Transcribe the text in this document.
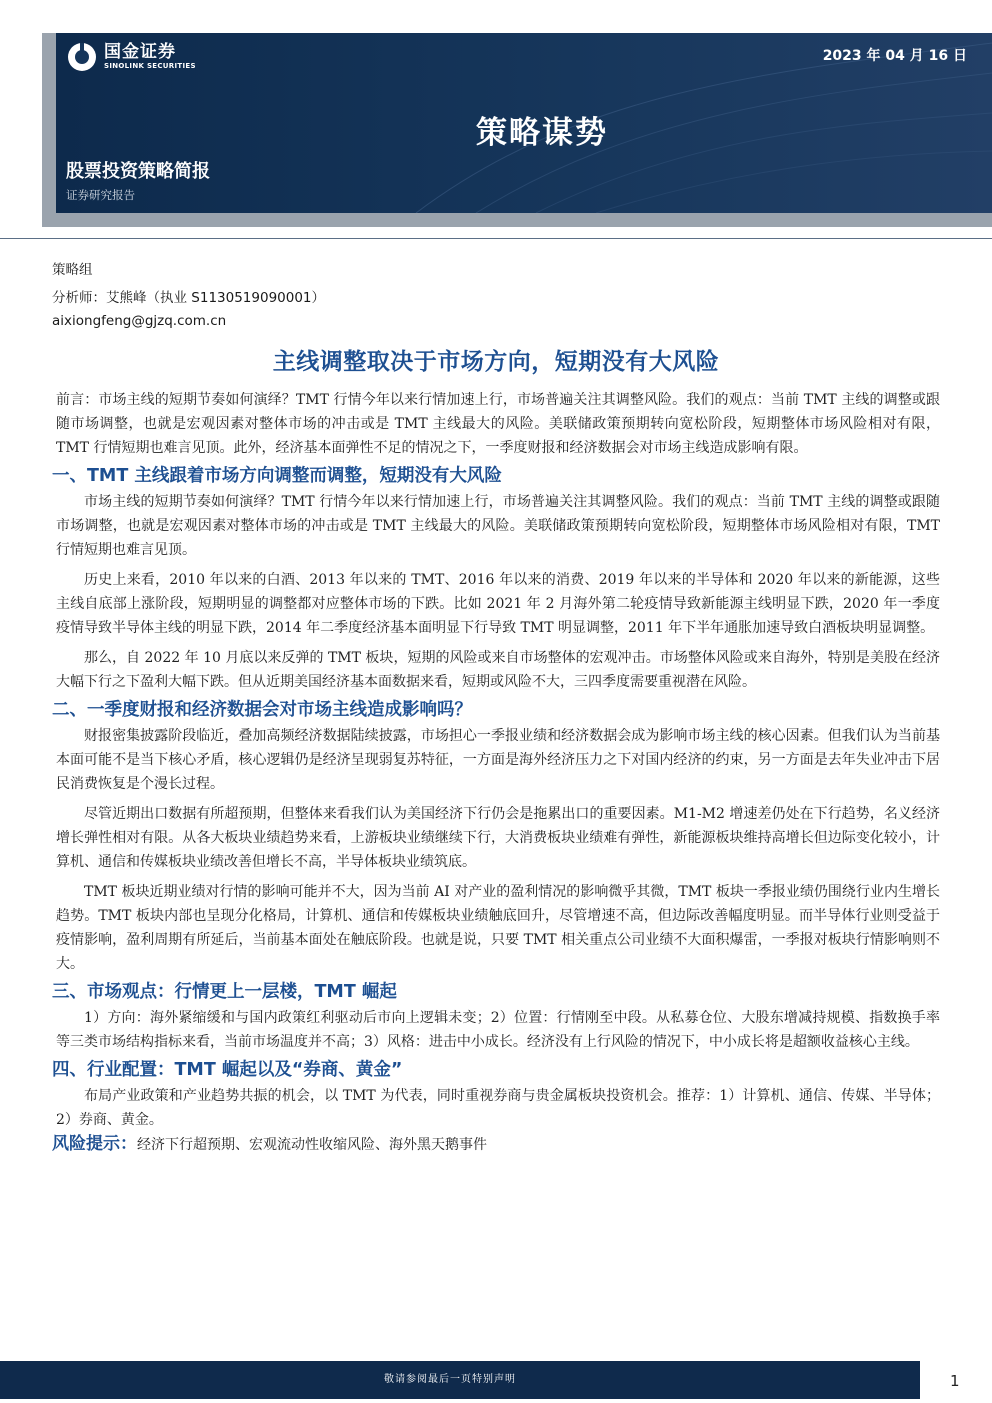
国金证券
SINOLINK SECURITIES
2023 年 04 月 16 日
策略谋势
股票投资策略简报
证券研究报告
策略组
分析师：艾熊峰（执业 S1130519090001）
aixiongfeng@gjzq.com.cn
主线调整取决于市场方向，短期没有大风险

前言：市场主线的短期节奏如何演绎？TMT 行情今年以来行情加速上行，市场普遍关注其调整风险。我们的观点：当前 TMT 主线的调整或跟随市场调整，也就是宏观因素对整体市场的冲击或是 TMT 主线最大的风险。美联储政策预期转向宽松阶段，短期整体市场风险相对有限，TMT 行情短期也难言见顶。此外，经济基本面弹性不足的情况之下，一季度财报和经济数据会对市场主线造成影响有限。

一、TMT 主线跟着市场方向调整而调整，短期没有大风险

市场主线的短期节奏如何演绎？TMT 行情今年以来行情加速上行，市场普遍关注其调整风险。我们的观点：当前 TMT 主线的调整或跟随市场调整，也就是宏观因素对整体市场的冲击或是 TMT 主线最大的风险。美联储政策预期转向宽松阶段，短期整体市场风险相对有限，TMT 行情短期也难言见顶。

历史上来看，2010 年以来的白酒、2013 年以来的 TMT、2016 年以来的消费、2019 年以来的半导体和 2020 年以来的新能源，这些主线自底部上涨阶段，短期明显的调整都对应整体市场的下跌。比如 2021 年 2 月海外第二轮疫情导致新能源主线明显下跌，2020 年一季度疫情导致半导体主线的明显下跌，2014 年二季度经济基本面明显下行导致 TMT 明显调整，2011 年下半年通胀加速导致白酒板块明显调整。

那么，自 2022 年 10 月底以来反弹的 TMT 板块，短期的风险或来自市场整体的宏观冲击。市场整体风险或来自海外，特别是美股在经济大幅下行之下盈利大幅下跌。但从近期美国经济基本面数据来看，短期或风险不大，三四季度需要重视潜在风险。

二、一季度财报和经济数据会对市场主线造成影响吗？

财报密集披露阶段临近，叠加高频经济数据陆续披露，市场担心一季报业绩和经济数据会成为影响市场主线的核心因素。但我们认为当前基本面可能不是当下核心矛盾，核心逻辑仍是经济呈现弱复苏特征，一方面是海外经济压力之下对国内经济的约束，另一方面是去年失业冲击下居民消费恢复是个漫长过程。

尽管近期出口数据有所超预期，但整体来看我们认为美国经济下行仍会是拖累出口的重要因素。M1-M2 增速差仍处在下行趋势，名义经济增长弹性相对有限。从各大板块业绩趋势来看，上游板块业绩继续下行，大消费板块业绩难有弹性，新能源板块维持高增长但边际变化较小，计算机、通信和传媒板块业绩改善但增长不高，半导体板块业绩筑底。

TMT 板块近期业绩对行情的影响可能并不大，因为当前 AI 对产业的盈利情况的影响微乎其微，TMT 板块一季报业绩仍围绕行业内生增长趋势。TMT 板块内部也呈现分化格局，计算机、通信和传媒板块业绩触底回升，尽管增速不高，但边际改善幅度明显。而半导体行业则受益于疫情影响，盈利周期有所延后，当前基本面处在触底阶段。也就是说，只要 TMT 相关重点公司业绩不大面积爆雷，一季报对板块行情影响则不大。

三、市场观点：行情更上一层楼，TMT 崛起

1）方向：海外紧缩缓和与国内政策红利驱动后市向上逻辑未变；2）位置：行情刚至中段。从私募仓位、大股东增减持规模、指数换手率等三类市场结构指标来看，当前市场温度并不高；3）风格：进击中小成长。经济没有上行风险的情况下，中小成长将是超额收益核心主线。

四、行业配置：TMT 崛起以及“券商、黄金”

布局产业政策和产业趋势共振的机会，以 TMT 为代表，同时重视券商与贵金属板块投资机会。推荐：1）计算机、通信、传媒、半导体；2）券商、黄金。

风险提示：经济下行超预期、宏观流动性收缩风险、海外黑天鹅事件
敬请参阅最后一页特别声明	1
